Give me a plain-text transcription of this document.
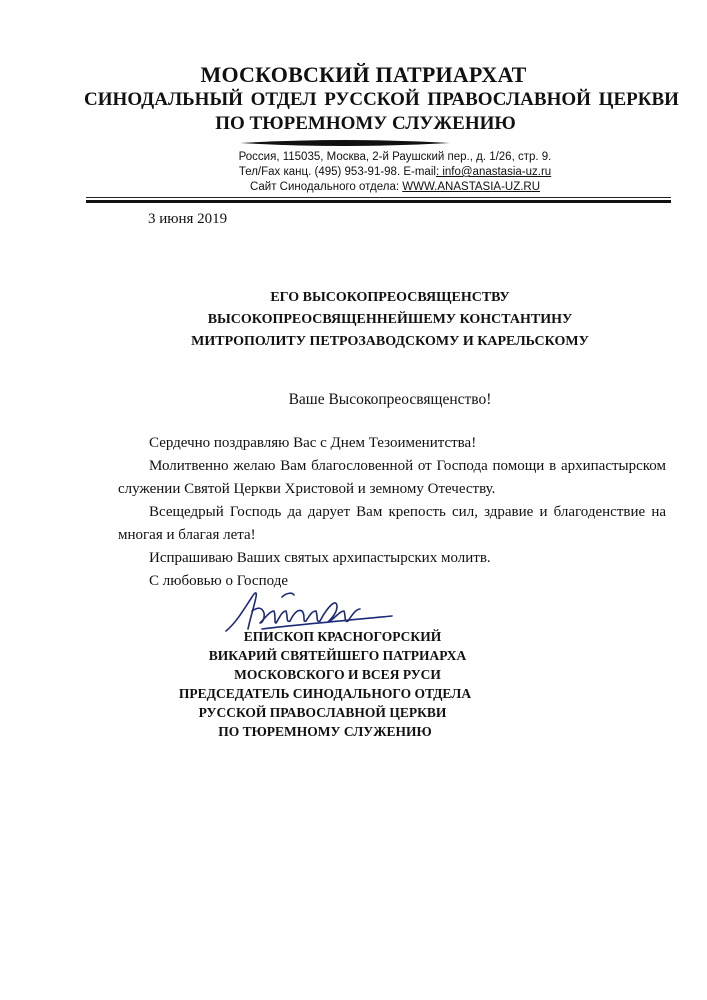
МОСКОВСКИЙ ПАТРИАРХАТ
СИНОДАЛЬНЫЙ ОТДЕЛ РУССКОЙ ПРАВОСЛАВНОЙ ЦЕРКВИ
ПО ТЮРЕМНОМУ СЛУЖЕНИЮ
Россия, 115035, Москва, 2-й Раушский пер., д. 1/26, стр. 9.
Тел/Fax канц. (495) 953-91-98. E-mail: info@anastasia-uz.ru
Сайт Синодального отдела: WWW.ANASTASIA-UZ.RU
3 июня 2019
ЕГО ВЫСОКОПРЕОСВЯЩЕНСТВУ
ВЫСОКОПРЕОСВЯЩЕННЕЙШЕМУ КОНСТАНТИНУ
МИТРОПОЛИТУ ПЕТРОЗАВОДСКОМУ И КАРЕЛЬСКОМУ
Ваше Высокопреосвященство!

Сердечно поздравляю Вас с Днем Тезоименитства!

Молитвенно желаю Вам благословенной от Господа помощи в архипастырском служении Святой Церкви Христовой и земному Отечеству.

Всещедрый Господь да дарует Вам крепость сил, здравие и благоденствие на многая и благая лета!

Испрашиваю Ваших святых архипастырских молитв.

С любовью о Господе

ЕПИСКОП КРАСНОГОРСКИЙ
ВИКАРИЙ СВЯТЕЙШЕГО ПАТРИАРХА
МОСКОВСКОГО И ВСЕЯ РУСИ
ПРЕДСЕДАТЕЛЬ СИНОДАЛЬНОГО ОТДЕЛА
РУССКОЙ ПРАВОСЛАВНОЙ ЦЕРКВИ
ПО ТЮРЕМНОМУ СЛУЖЕНИЮ
